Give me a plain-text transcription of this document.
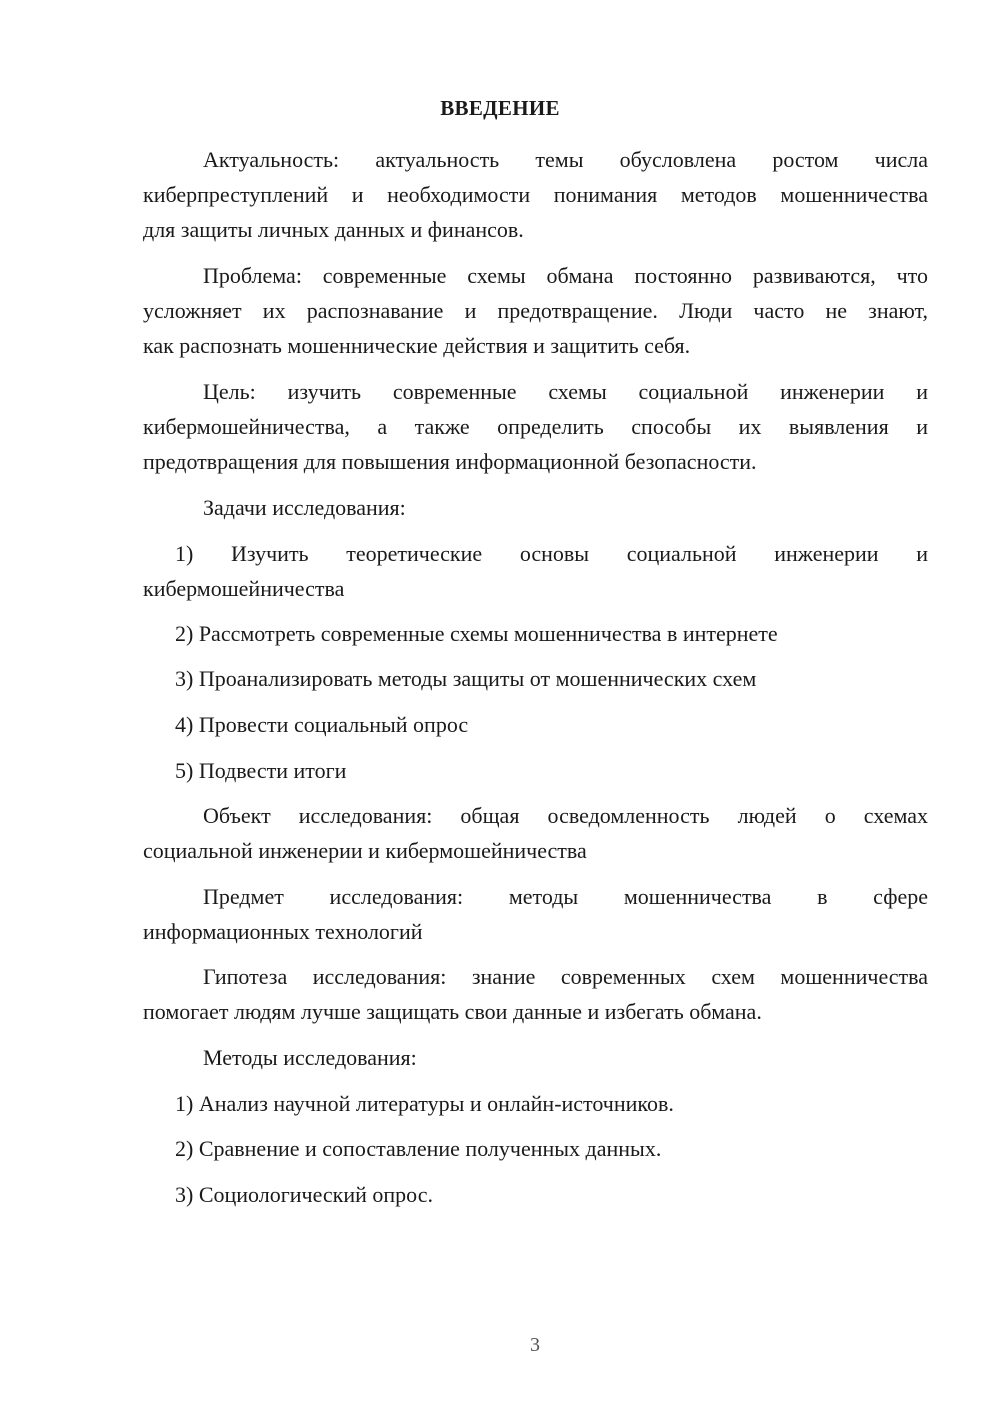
ВВЕДЕНИЕ
Актуальность: актуальность темы обусловлена ростом числа
киберпреступлений и необходимости понимания методов мошенничества
для защиты личных данных и финансов.
Проблема: современные схемы обмана постоянно развиваются, что
усложняет их распознавание и предотвращение. Люди часто не знают,
как распознать мошеннические действия и защитить себя.
Цель: изучить современные схемы социальной инженерии и
кибермошейничества, а также определить способы их выявления и
предотвращения для повышения информационной безопасности.
Задачи исследования:
1) Изучить теоретические основы социальной инженерии и
кибермошейничества
2) Рассмотреть современные схемы мошенничества в интернете
3) Проанализировать методы защиты от мошеннических схем
4) Провести социальный опрос
5) Подвести итоги
Объект исследования: общая осведомленность людей о схемах
социальной инженерии и кибермошейничества
Предмет исследования: методы мошенничества в сфере
информационных технологий
Гипотеза исследования: знание современных схем мошенничества
помогает людям лучше защищать свои данные и избегать обмана.
Методы исследования:
1) Анализ научной литературы и онлайн-источников.
2) Сравнение и сопоставление полученных данных.
3) Социологический опрос.
3
